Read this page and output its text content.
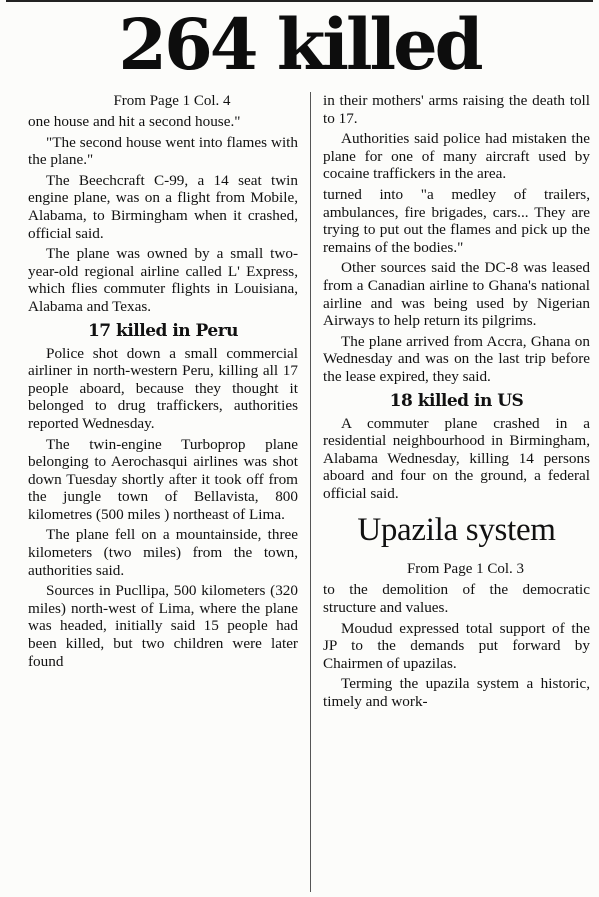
264 killed

From Page 1 Col. 4

one house and hit a second house."

"The second house went into flames with the plane."

The Beechcraft C-99, a 14 seat twin engine plane, was on a flight from Mobile, Alabama, to Birmingham when it crashed, official said.

The plane was owned by a small two-year-old regional airline called L' Express, which flies commuter flights in Louisiana, Alabama and Texas.

17 killed in Peru

Police shot down a small commercial airliner in north-western Peru, killing all 17 people aboard, because they thought it belonged to drug traffickers, authorities reported Wednesday.

The twin-engine Turboprop plane belonging to Aerochasqui airlines was shot down Tuesday shortly after it took off from the jungle town of Bellavista, 800 kilometres (500 miles ) northeast of Lima.

The plane fell on a mountainside, three kilometers (two miles) from the town, authorities said.

Sources in Pucllipa, 500 kilometers (320 miles) north-west of Lima, where the plane was headed, initially said 15 people had been killed, but two children were later found

in their mothers' arms raising the death toll to 17.

Authorities said police had mistaken the plane for one of many aircraft used by cocaine traffickers in the area.

turned into "a medley of trailers, ambulances, fire brigades, cars... They are trying to put out the flames and pick up the remains of the bodies."

Other sources said the DC-8 was leased from a Canadian airline to Ghana's national airline and was being used by Nigerian Airways to help return its pilgrims.

The plane arrived from Accra, Ghana on Wednesday and was on the last trip before the lease expired, they said.

18 killed in US

A commuter plane crashed in a residential neighbourhood in Birmingham, Alabama Wednesday, killing 14 persons aboard and four on the ground, a federal official said.

Upazila system

From Page 1 Col. 3

to the demolition of the democratic structure and values.

Moudud expressed total support of the JP to the demands put forward by Chairmen of upazilas.

Terming the upazila system a historic, timely and work-
